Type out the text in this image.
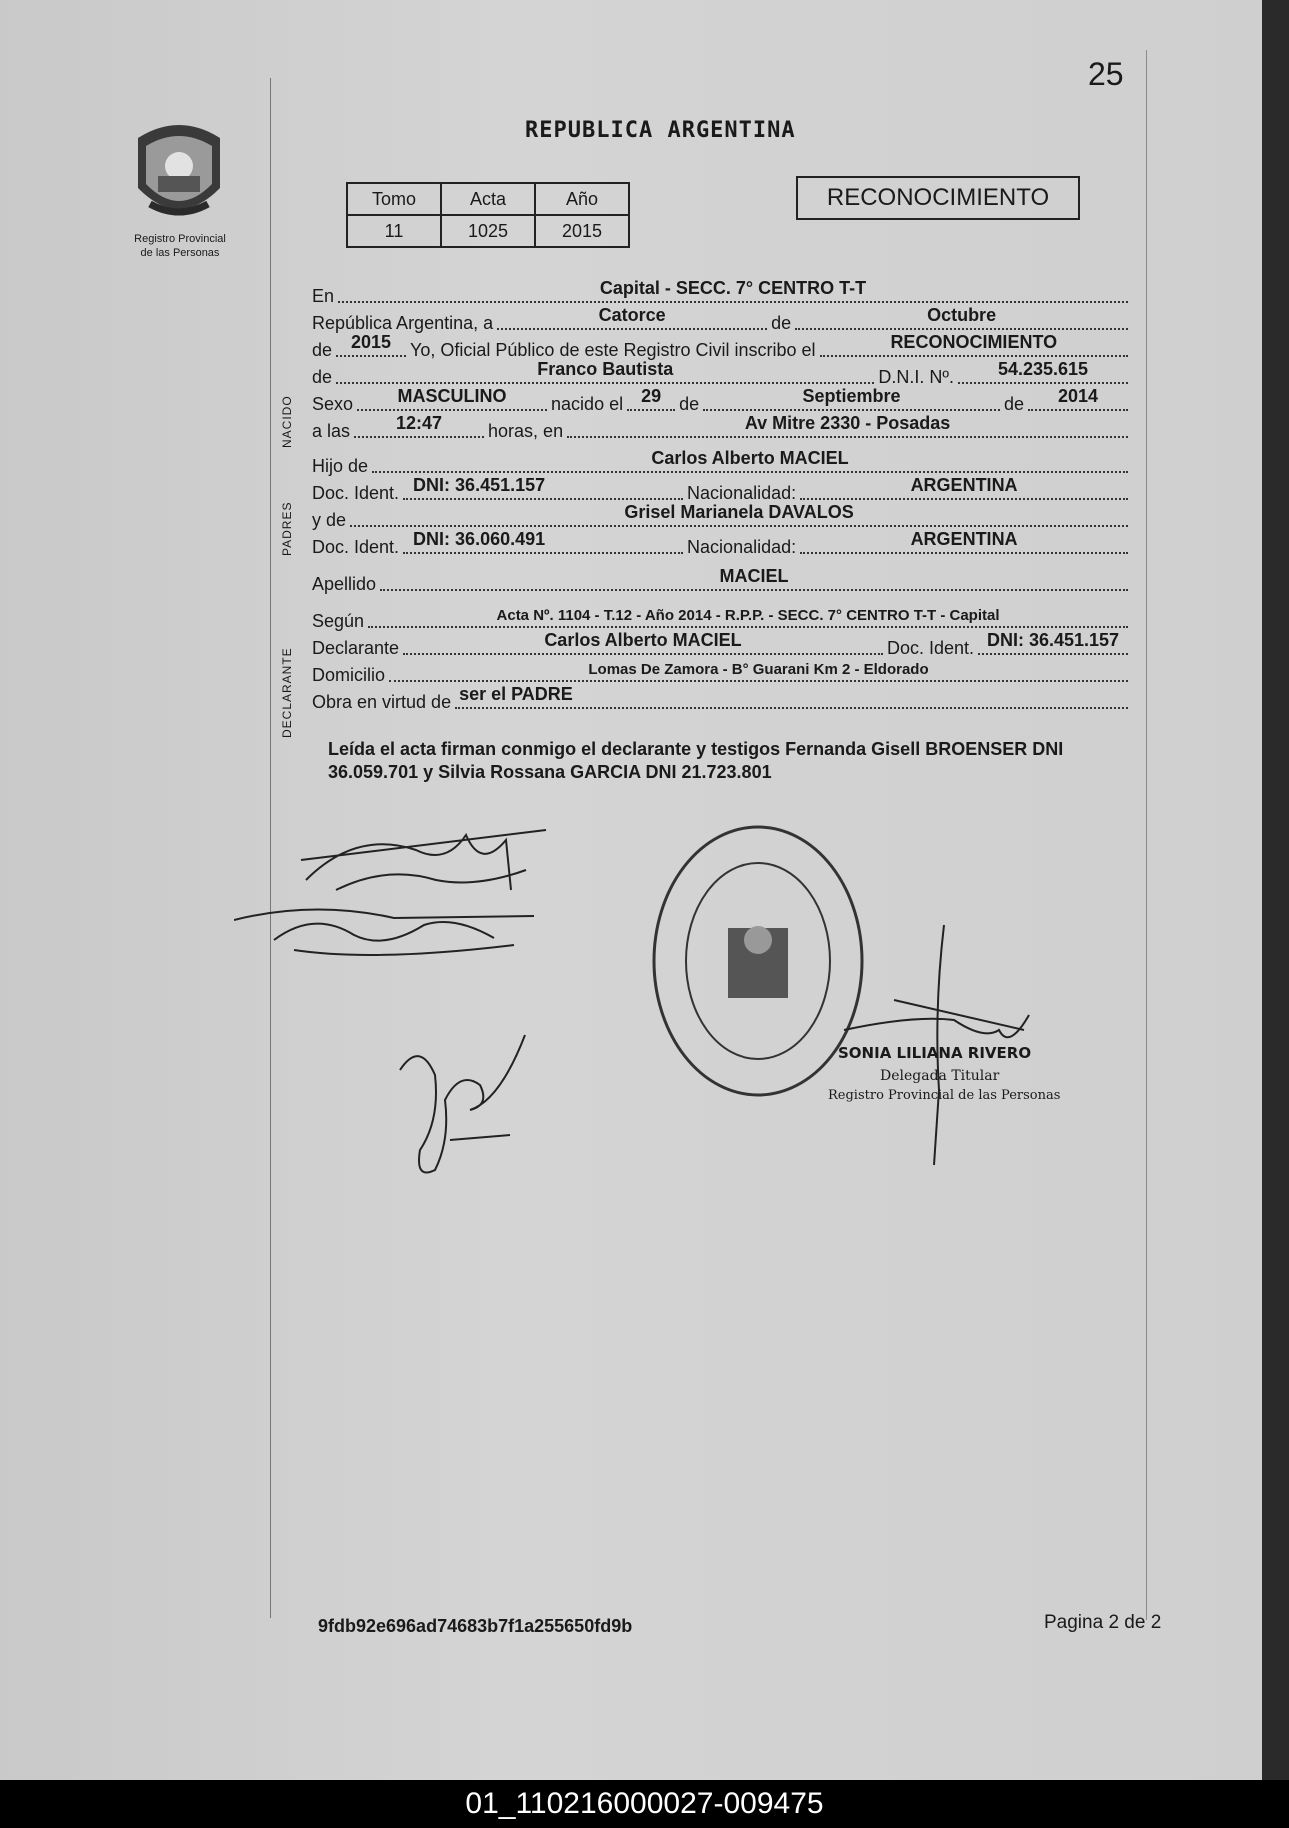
25
Registro Provincial
de las Personas
REPUBLICA ARGENTINA
Tomo	Acta	Año
11	1025	2015
RECONOCIMIENTO
NACIDO
PADRES
DECLARANTE
En	Capital - SECC. 7° CENTRO T-T
República Argentina, a	Catorce	de	Octubre
de	2015	Yo, Oficial Público de este Registro Civil inscribo el	RECONOCIMIENTO
de	Franco Bautista	D.N.I. Nº.	54.235.615
Sexo	MASCULINO	nacido el 29 de	Septiembre	de	2014
a las	12:47	horas, en	Av Mitre 2330 - Posadas
Hijo de	Carlos Alberto MACIEL
Doc. Ident. DNI: 36.451.157	Nacionalidad:	ARGENTINA
y de	Grisel Marianela DAVALOS
Doc. Ident. DNI: 36.060.491	Nacionalidad:	ARGENTINA
Apellido	MACIEL
Según	Acta Nº. 1104 - T.12 - Año 2014 - R.P.P. - SECC. 7° CENTRO T-T - Capital
Declarante	Carlos Alberto MACIEL	Doc. Ident. DNI: 36.451.157
Domicilio	Lomas De Zamora - B° Guarani Km 2 - Eldorado
Obra en virtud de ser el PADRE
Leída el acta firman conmigo el declarante y testigos Fernanda Gisell BROENSER DNI 36.059.701 y Silvia Rossana GARCIA DNI 21.723.801
SONIA LILIANA RIVERO
Delegada Titular
Registro Provincial de las Personas
9fdb92e696ad74683b7f1a255650fd9b	Pagina 2 de 2
01_110216000027-009475
